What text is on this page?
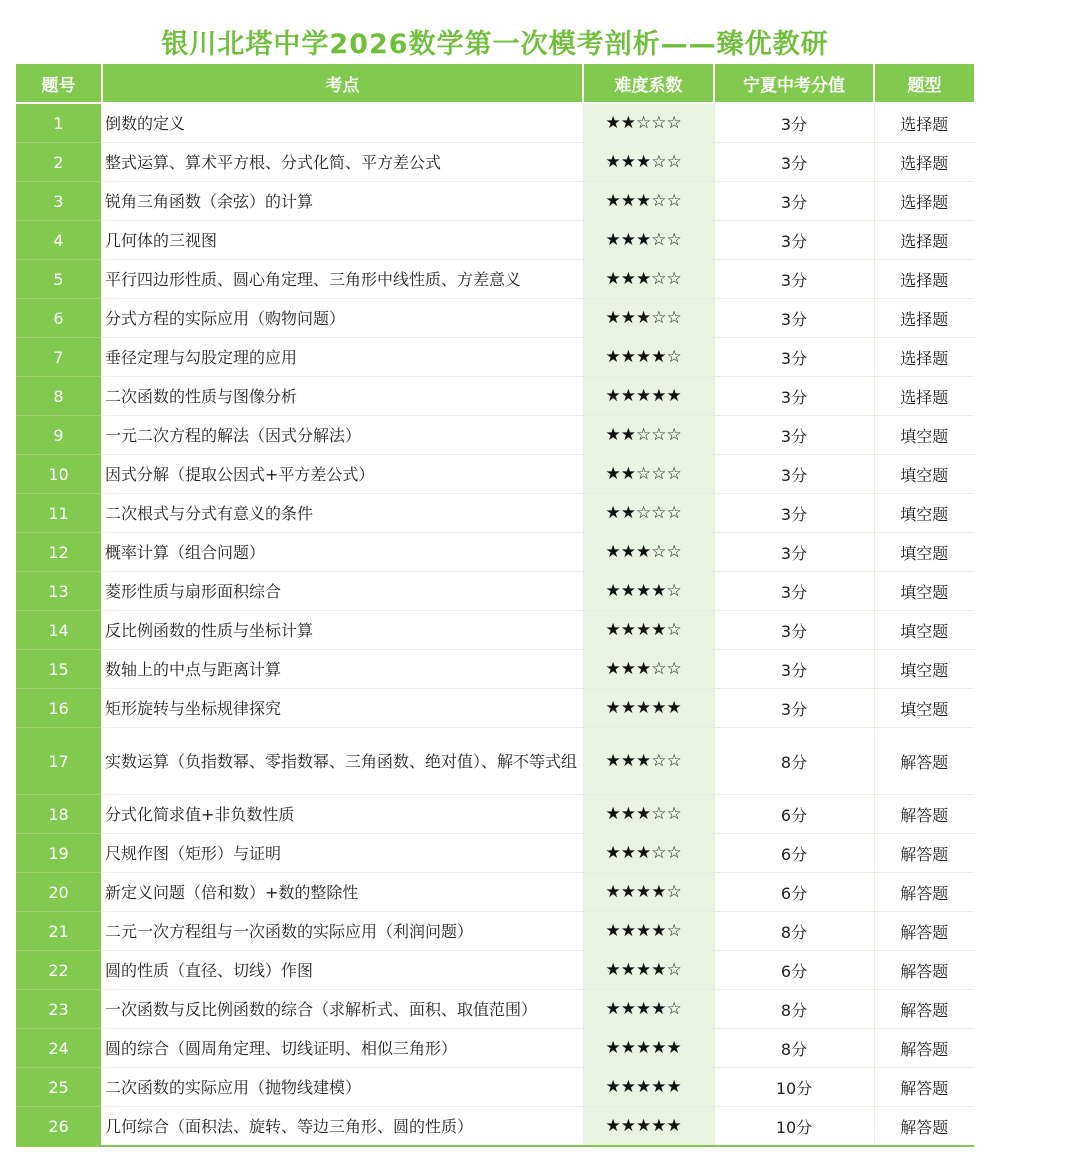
银川北塔中学2026数学第一次模考剖析——臻优教研
题号	考点	难度系数	宁夏中考分值	题型
1	倒数的定义	★★☆☆☆	3分	选择题
2	整式运算、算术平方根、分式化简、平方差公式	★★★☆☆	3分	选择题
3	锐角三角函数（余弦）的计算	★★★☆☆	3分	选择题
4	几何体的三视图	★★★☆☆	3分	选择题
5	平行四边形性质、圆心角定理、三角形中线性质、方差意义	★★★☆☆	3分	选择题
6	分式方程的实际应用（购物问题）	★★★☆☆	3分	选择题
7	垂径定理与勾股定理的应用	★★★★☆	3分	选择题
8	二次函数的性质与图像分析	★★★★★	3分	选择题
9	一元二次方程的解法（因式分解法）	★★☆☆☆	3分	填空题
10	因式分解（提取公因式+平方差公式）	★★☆☆☆	3分	填空题
11	二次根式与分式有意义的条件	★★☆☆☆	3分	填空题
12	概率计算（组合问题）	★★★☆☆	3分	填空题
13	菱形性质与扇形面积综合	★★★★☆	3分	填空题
14	反比例函数的性质与坐标计算	★★★★☆	3分	填空题
15	数轴上的中点与距离计算	★★★☆☆	3分	填空题
16	矩形旋转与坐标规律探究	★★★★★	3分	填空题
17	实数运算（负指数幂、零指数幂、三角函数、绝对值）、解不等式组	★★★☆☆	8分	解答题
18	分式化简求值+非负数性质	★★★☆☆	6分	解答题
19	尺规作图（矩形）与证明	★★★☆☆	6分	解答题
20	新定义问题（倍和数）+数的整除性	★★★★☆	6分	解答题
21	二元一次方程组与一次函数的实际应用（利润问题）	★★★★☆	8分	解答题
22	圆的性质（直径、切线）作图	★★★★☆	6分	解答题
23	一次函数与反比例函数的综合（求解析式、面积、取值范围）	★★★★☆	8分	解答题
24	圆的综合（圆周角定理、切线证明、相似三角形）	★★★★★	8分	解答题
25	二次函数的实际应用（抛物线建模）	★★★★★	10分	解答题
26	几何综合（面积法、旋转、等边三角形、圆的性质）	★★★★★	10分	解答题
